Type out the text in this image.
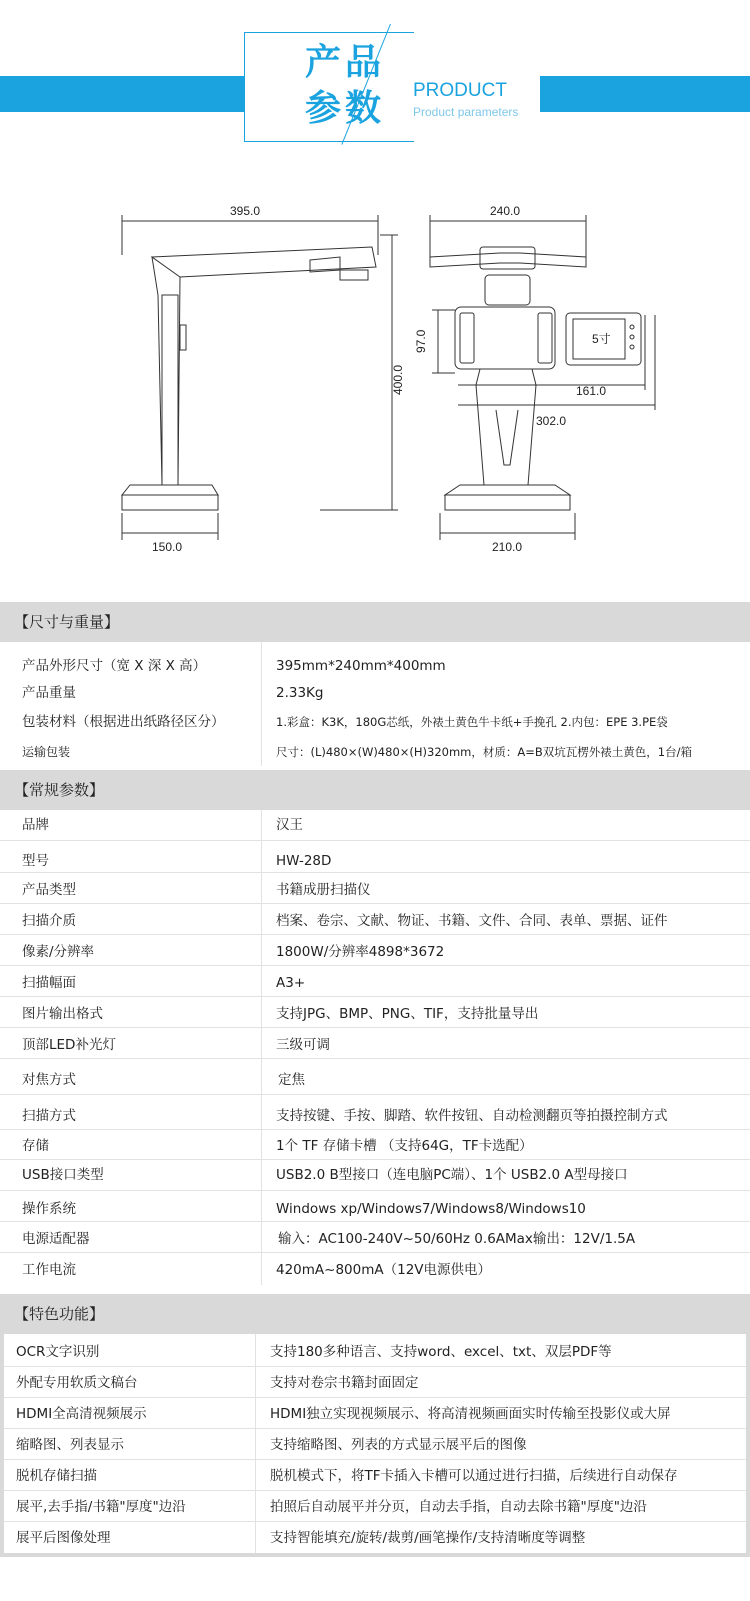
产品
参数 PRODUCT
Product parameters
395.0	240.0
400.0
97.0	5寸
161.0
302.0
150.0	210.0
【尺寸与重量】
产品外形尺寸（宽 X 深 X 高）	395mm*240mm*400mm
产品重量	2.33Kg
包装材料（根据进出纸路径区分）	1.彩盒：K3K，180G芯纸，外裱土黄色牛卡纸+手挽孔 2.内包：EPE 3.PE袋
运输包装	尺寸：(L)480×(W)480×(H)320mm，材质：A=B双坑瓦楞外裱土黄色，1台/箱
【常规参数】
品牌	汉王
型号	HW-28D
产品类型	书籍成册扫描仪
扫描介质	档案、卷宗、文献、物证、书籍、文件、合同、表单、票据、证件
像素/分辨率	1800W/分辨率4898*3672
扫描幅面	A3+
图片输出格式	支持JPG、BMP、PNG、TIF，支持批量导出
顶部LED补光灯	三级可调
对焦方式	定焦
扫描方式	支持按键、手按、脚踏、软件按钮、自动检测翻页等拍摄控制方式
存储	1个 TF 存储卡槽 （支持64G，TF卡选配）
USB接口类型	USB2.0 B型接口（连电脑PC端）、1个 USB2.0 A型母接口
操作系统	Windows xp/Windows7/Windows8/Windows10
电源适配器	输入：AC100-240V~50/60Hz 0.6AMax输出：12V/1.5A
工作电流	420mA~800mA（12V电源供电）
【特色功能】
OCR文字识别	支持180多种语言、支持word、excel、txt、双层PDF等
外配专用软质文稿台	支持对卷宗书籍封面固定
HDMI全高清视频展示	HDMI独立实现视频展示、将高清视频画面实时传输至投影仪或大屏
缩略图、列表显示	支持缩略图、列表的方式显示展平后的图像
脱机存储扫描	脱机模式下，将TF卡插入卡槽可以通过进行扫描，后续进行自动保存
展平,去手指/书籍"厚度"边沿	拍照后自动展平并分页，自动去手指，自动去除书籍"厚度"边沿
展平后图像处理	支持智能填充/旋转/裁剪/画笔操作/支持清晰度等调整
